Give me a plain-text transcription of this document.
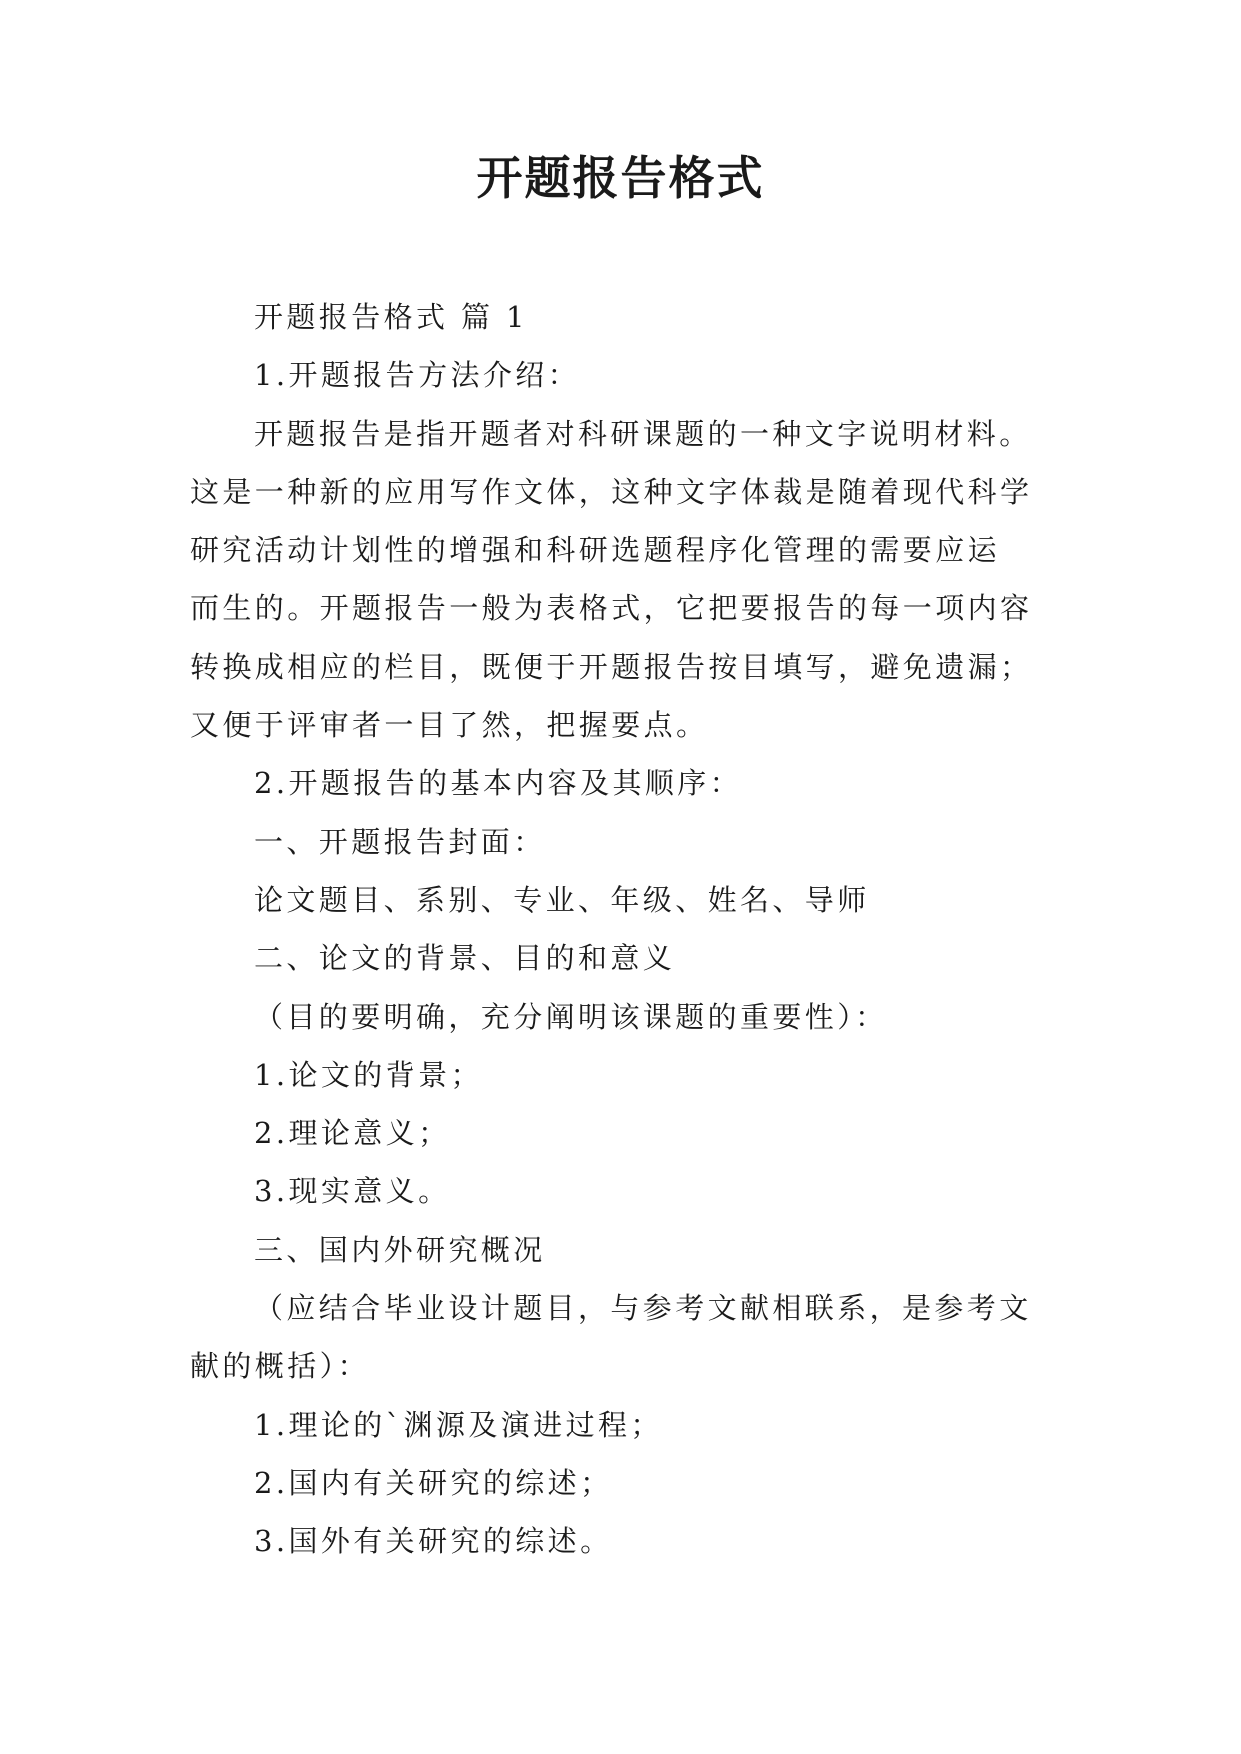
开题报告格式

开题报告格式 篇 1

1.开题报告方法介绍：

开题报告是指开题者对科研课题的一种文字说明材料。

这是一种新的应用写作文体，这种文字体裁是随着现代科学

研究活动计划性的增强和科研选题程序化管理的需要应运

而生的。开题报告一般为表格式，它把要报告的每一项内容

转换成相应的栏目，既便于开题报告按目填写，避免遗漏；

又便于评审者一目了然，把握要点。

2.开题报告的基本内容及其顺序：

一、开题报告封面：

论文题目、系别、专业、年级、姓名、导师

二、论文的背景、目的和意义

（目的要明确，充分阐明该课题的重要性）：

1.论文的背景；

2.理论意义；

3.现实意义。

三、国内外研究概况

（应结合毕业设计题目，与参考文献相联系，是参考文

献的概括）：

1.理论的`渊源及演进过程；

2.国内有关研究的综述；

3.国外有关研究的综述。
